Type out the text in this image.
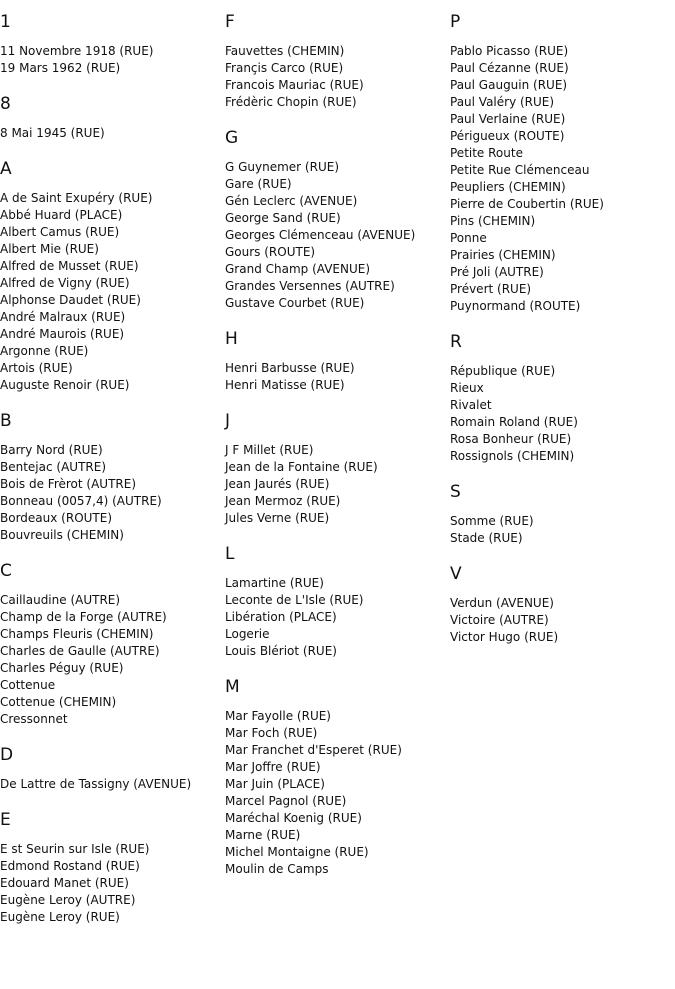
1
11 Novembre 1918 (RUE)
19 Mars 1962 (RUE)
8
8 Mai 1945 (RUE)
A
A de Saint Exupéry (RUE)
Abbé Huard (PLACE)
Albert Camus (RUE)
Albert Mie (RUE)
Alfred de Musset (RUE)
Alfred de Vigny (RUE)
Alphonse Daudet (RUE)
André Malraux (RUE)
André Maurois (RUE)
Argonne (RUE)
Artois (RUE)
Auguste Renoir (RUE)
B
Barry Nord (RUE)
Bentejac (AUTRE)
Bois de Frèrot (AUTRE)
Bonneau (0057,4) (AUTRE)
Bordeaux (ROUTE)
Bouvreuils (CHEMIN)
C
Caillaudine (AUTRE)
Champ de la Forge (AUTRE)
Champs Fleuris (CHEMIN)
Charles de Gaulle (AUTRE)
Charles Péguy (RUE)
Cottenue
Cottenue (CHEMIN)
Cressonnet
D
De Lattre de Tassigny (AVENUE)
E
E st Seurin sur Isle (RUE)
Edmond Rostand (RUE)
Edouard Manet (RUE)
Eugène Leroy (AUTRE)
Eugène Leroy (RUE)
F
Fauvettes (CHEMIN)
Françis Carco (RUE)
Francois Mauriac (RUE)
Frédèric Chopin (RUE)
G
G Guynemer (RUE)
Gare (RUE)
Gén Leclerc (AVENUE)
George Sand (RUE)
Georges Clémenceau (AVENUE)
Gours (ROUTE)
Grand Champ (AVENUE)
Grandes Versennes (AUTRE)
Gustave Courbet (RUE)
H
Henri Barbusse (RUE)
Henri Matisse (RUE)
J
J F Millet (RUE)
Jean de la Fontaine (RUE)
Jean Jaurés (RUE)
Jean Mermoz (RUE)
Jules Verne (RUE)
L
Lamartine (RUE)
Leconte de L'Isle (RUE)
Libération (PLACE)
Logerie
Louis Blériot (RUE)
M
Mar Fayolle (RUE)
Mar Foch (RUE)
Mar Franchet d'Esperet (RUE)
Mar Joffre (RUE)
Mar Juin (PLACE)
Marcel Pagnol (RUE)
Maréchal Koenig (RUE)
Marne (RUE)
Michel Montaigne (RUE)
Moulin de Camps
P
Pablo Picasso (RUE)
Paul Cézanne (RUE)
Paul Gauguin (RUE)
Paul Valéry (RUE)
Paul Verlaine (RUE)
Périgueux (ROUTE)
Petite Route
Petite Rue Clémenceau
Peupliers (CHEMIN)
Pierre de Coubertin (RUE)
Pins (CHEMIN)
Ponne
Prairies (CHEMIN)
Pré Joli (AUTRE)
Prévert (RUE)
Puynormand (ROUTE)
R
République (RUE)
Rieux
Rivalet
Romain Roland (RUE)
Rosa Bonheur (RUE)
Rossignols (CHEMIN)
S
Somme (RUE)
Stade (RUE)
V
Verdun (AVENUE)
Victoire (AUTRE)
Victor Hugo (RUE)
